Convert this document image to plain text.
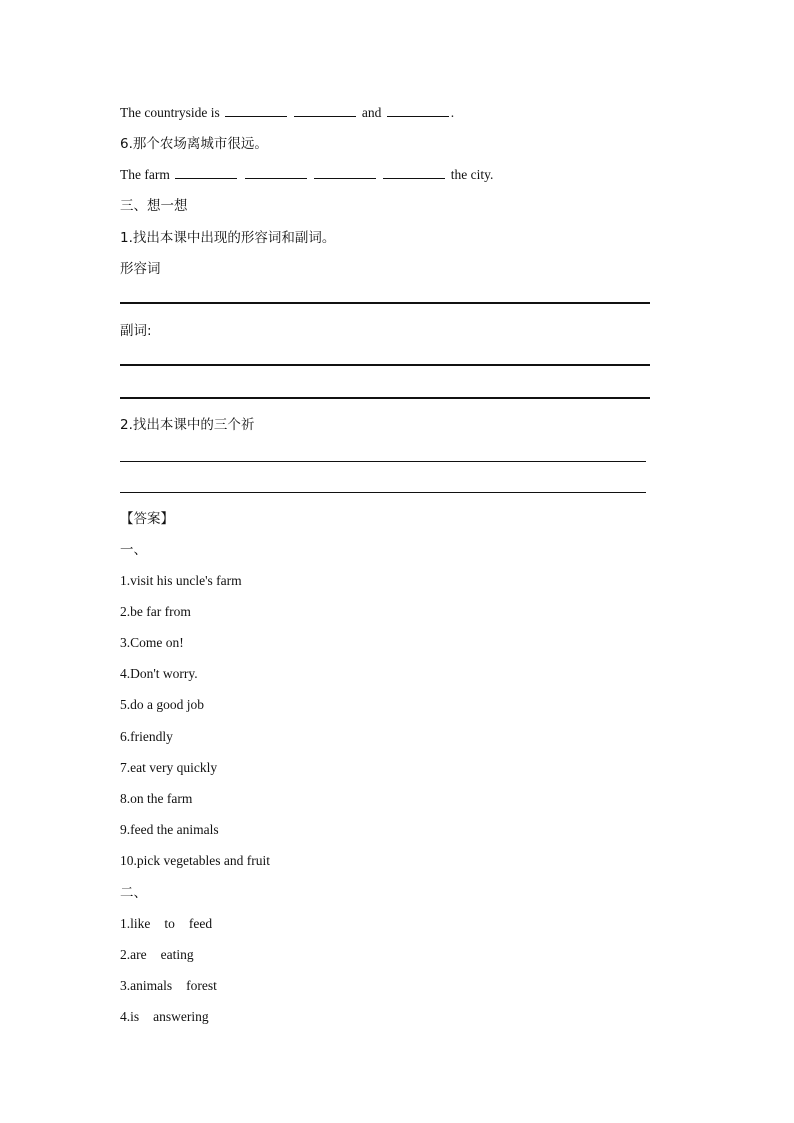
The countryside is	and	.
6.那个农场离城市很远。
The farm	the city.
三、想一想
1.找出本课中出现的形容词和副词。
形容词
副词:
2.找出本课中的三个祈
【答案】
一、
1.visit his uncle's farm
2.be far from
3.Come on!
4.Don't worry.
5.do a good job
6.friendly
7.eat very quickly
8.on the farm
9.feed the animals
10.pick vegetables and fruit
二、
1.like to feed
2.are eating
3.animals forest
4.is answering
